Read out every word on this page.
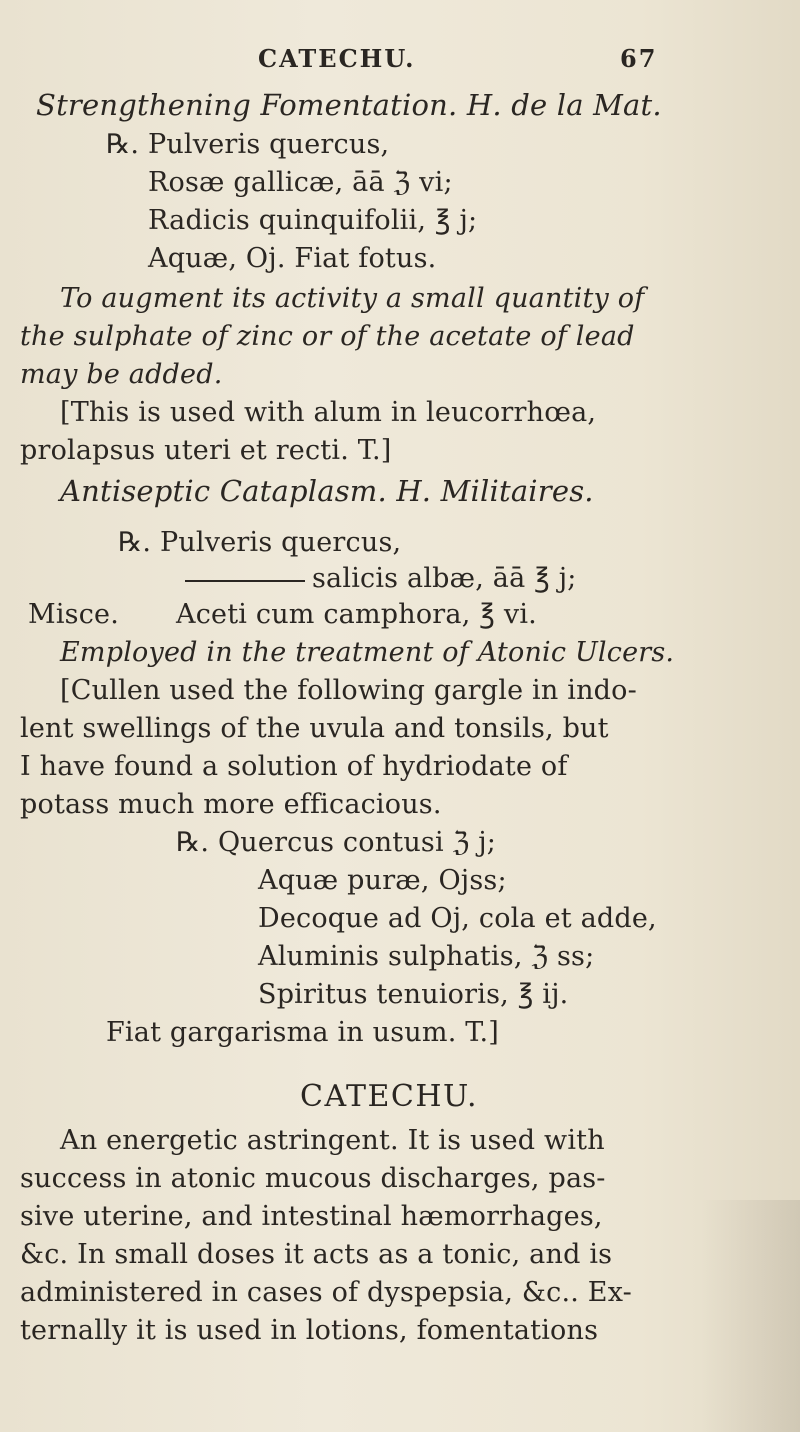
CATECHU.	67
Strengthening Fomentation. H. de la Mat.
℞. Pulveris quercus,
Rosæ gallicæ, āā ℨ vi;
Radicis quinquifolii, ℥ j;
Aquæ, Oj. Fiat fotus.
To augment its activity a small quantity of
the sulphate of zinc or of the acetate of lead
may be added.
[This is used with alum in leucorrhœa,
prolapsus uteri et recti. T.]
Antiseptic Cataplasm. H. Militaires.
℞. Pulveris quercus,
salicis albæ, āā ℥ j;
Misce. Aceti cum camphora, ℥ vi.
Employed in the treatment of Atonic Ulcers.
[Cullen used the following gargle in indo-
lent swellings of the uvula and tonsils, but
I have found a solution of hydriodate of
potass much more efficacious.
℞. Quercus contusi ℨ j;
Aquæ puræ, Ojss;
Decoque ad Oj, cola et adde,
Aluminis sulphatis, ℨ ss;
Spiritus tenuioris, ℥ ij.
Fiat gargarisma in usum. T.]
CATECHU.
An energetic astringent. It is used with
success in atonic mucous discharges, pas-
sive uterine, and intestinal hæmorrhages,
&c. In small doses it acts as a tonic, and is
administered in cases of dyspepsia, &c.. Ex-
ternally it is used in lotions, fomentations
